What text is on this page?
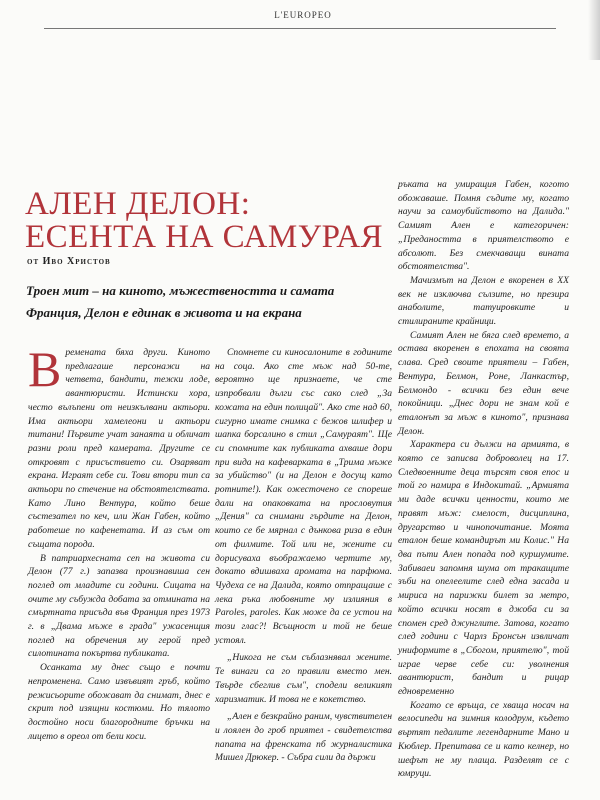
L'EUROPEO
АЛЕН ДЕЛОН:
ЕСЕНТА НА САМУРАЯ
от Иво Христов
Троен мит – на киното, мъжествеността и самата Франция, Делон е единак в живота и на екрана

Времената бяха други. Киното предлагаше персонажи на четвета, бандити, тежки лоде, авантюристи. Истински хора, често вълъпени от неизкълвани актьори. Има актьори хамелеони и актьори титани! Първите учат занаята и обличат разни роли пред камерата. Другите се откровят с присъствието си. Озаряват екрана. Играят себе си. Тови втори тип са актьори по стечение на обстоятелствата. Като Лино Вентура, който беше състезател по кеч, или Жан Габен, който работеше по кафенетата. И аз съм от същата порода.

В патриархесната сеп на живота си Делон (77 г.) запазва произнавиша сен поглед от младите си години. Сицата на очите му събужда добата за отмината на смъртната присъда във Франция през 1973 г. в „Двама мъже в града" ужасенщия поглед на обречения му герой пред силотината покъртва публиката.

Осанката му днес също е почти непроменена. Само извъвият гръб, който режисьорите обожават да снимат, днес е скрит под изящни костюми. Но тялото достойно носи благородните бръчки на лицето в ореол от бели коси.

Спомнете си киносалоните в годините на соца. Ако сте мъж над 50-те, вероятно ще признаете, че сте изпробвали дълги със сако след „За кожата на един полицай". Ако сте над 60, сигурно имате снимка с бежов шлифер и шапка борсалино в стил „Самураят". Ще си спомните как публиката ахваше дори при вида на кафеварката в „Трима мъже за убийство" (и на Делон е досущ като ротните!). Как ожесточено се спореше дали на опаковката на прословутия „Дения" са снимани гърдите на Делон, които се бе мярнал с дънкова риза в един от филмите. Той или не, жените си дорисуваха въображаемо чертите му, докато вдишваха аромата на парфюма. Чудеха се на Далида, която отпращаше с лека ръка любовните му излияния в Paroles, paroles. Как може да се устои на този глас?! Всъщност и той не беше устоял.

„Никога не съм съблазнявал жените. Те винаги са го правили вместо мен. Твърде сбеглив съм", сподели великият харизматик. И това не е кокетство.

„Ален е безкрайно раним, чувствителен и лоялен до гроб приятел - свидетелства папата на френската пб журналистика Мишел Дрюкер. - Събра сили да държи

ръката на умиращия Габен, когото обожаваше. Помня съдите му, когато научи за самоубийството на Далида." Самият Ален е категоричен: „Предаността в приятелството е абсолют. Без смекчаващи вината обстоятелства".

Мачизмът на Делон е вкоренен в ХХ век не изключва сълзите, но презира анаболите, татуировките и стилираните крайници.

Самият Ален не бяга след времето, а остава вкоренен в епохата на своята слава. Сред своите приятели – Габен, Вентура, Белмон, Роне, Ланкастър, Белмондо - всички без един вече покойници. „Днес дори не знам кой е еталонът за мъж в киното", признава Делон.

Характера си дължи на армията, в която се записва доброволец на 17. Следвоенните деца търсят своя епос и той го намира в Индокитай. „Армията ми даде всички ценности, които ме правят мъж: смелост, дисциплина, другарство и чинопочитание. Моята еталон беше командирът ми Колис." На два пъти Ален попада под куршумите. Забиваеи запомня шума от тракащите зъби на опелеелите след една засада и мириса на парижки билет за метро, който всички носят в джоба си за спомен сред джунглите. Затова, когато след години с Чарлз Бронсън извличат униформите в „Сбогом, приятелю", той играе черве себе си: уволнения авантюрист, бандит и рицар едновременно

Когато се връща, се хваща носач на велосипеди на зимния колодрум, където въртят педалите легендарните Мано и Кюблер. Препитава се и като келнер, но шефът не му плаща. Разделят се с юмруци.
